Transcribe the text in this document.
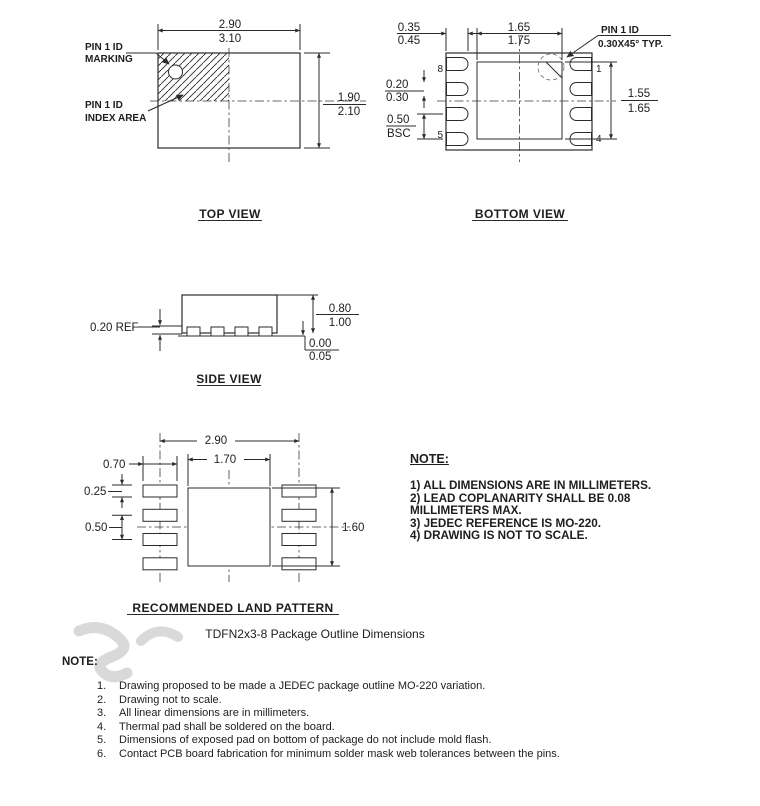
2.90
3.10
1.90
2.10
PIN 1 ID
MARKING
PIN 1 ID
INDEX AREA
TOP VIEW
8
5
1
4
0.35
0.45
1.65
1.75
PIN 1 ID
0.30X45° TYP.
0.20
0.30
0.50
BSC
1.55
1.65
BOTTOM VIEW
0.20 REF
0.80
1.00
0.00
0.05
SIDE VIEW
2.90
1.70
0.70
0.25
0.50	1.60
RECOMMENDED LAND PATTERN

NOTE:

1) ALL DIMENSIONS ARE IN MILLIMETERS.

2) LEAD COPLANARITY SHALL BE 0.08

MILLIMETERS MAX.

3) JEDEC REFERENCE IS MO-220.

4) DRAWING IS NOT TO SCALE.

TDFN2x3-8 Package Outline Dimensions
NOTE:
1.	Drawing proposed to be made a JEDEC package outline MO-220 variation.
2.	Drawing not to scale.
3.	All linear dimensions are in millimeters.
4.	Thermal pad shall be soldered on the board.
5.	Dimensions of exposed pad on bottom of package do not include mold flash.
6.	Contact PCB board fabrication for minimum solder mask web tolerances between the pins.
